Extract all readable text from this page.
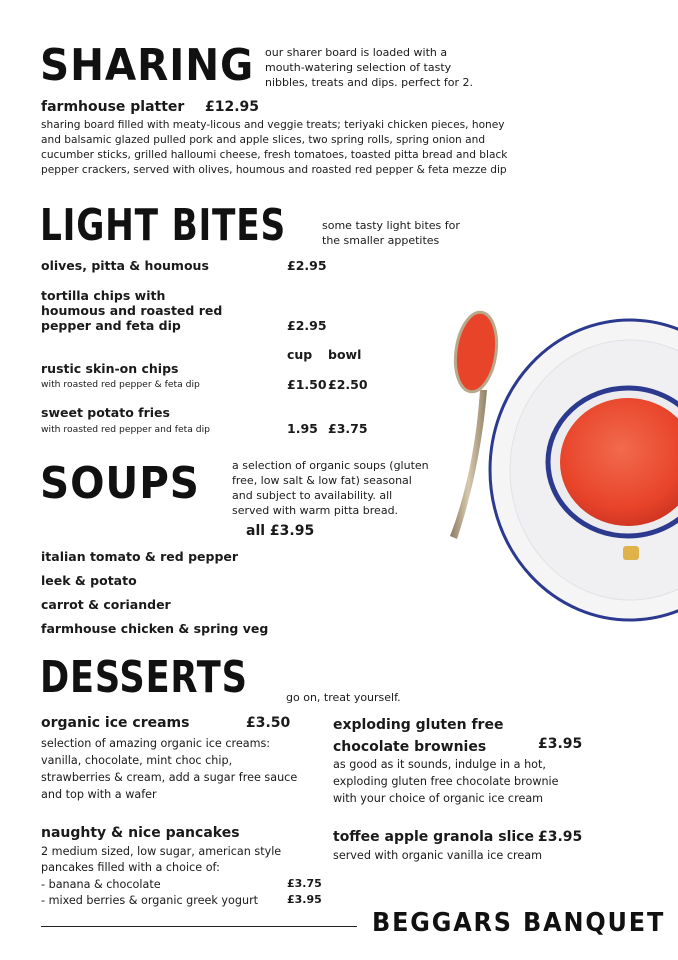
SHARING our sharer board is loaded with a
mouth-watering selection of tasty
nibbles, treats and dips. perfect for 2.
farmhouse platter £12.95
sharing board filled with meaty-licous and veggie treats; teriyaki chicken pieces, honey
and balsamic glazed pulled pork and apple slices, two spring rolls, spring onion and
cucumber sticks, grilled halloumi cheese, fresh tomatoes, toasted pitta bread and black
pepper crackers, served with olives, houmous and roasted red pepper & feta mezze dip
LIGHT BITES	some tasty light bites for
the smaller appetites
olives, pitta & houmous	£2.95
tortilla chips with
houmous and roasted red
pepper and feta dip	£2.95
cup bowl
rustic skin-on chips
with roasted red pepper & feta dip	£1.50 £2.50
sweet potato fries
with roasted red pepper and feta dip	1.95 £3.75
SOUPS	a selection of organic soups (gluten
free, low salt & low fat) seasonal
and subject to availability. all
served with warm pitta bread.
all £3.95
italian tomato & red pepper
leek & potato
carrot & coriander
farmhouse chicken & spring veg
DESSERTS	go on, treat yourself.
organic ice creams	£3.50
selection of amazing organic ice creams:
vanilla, chocolate, mint choc chip,
strawberries & cream, add a sugar free sauce
and top with a wafer
exploding gluten free
chocolate brownies	£3.95
as good as it sounds, indulge in a hot,
exploding gluten free chocolate brownie
with your choice of organic ice cream
naughty & nice pancakes
2 medium sized, low sugar, american style
pancakes filled with a choice of:
- banana & chocolate	£3.75
- mixed berries & organic greek yogurt	£3.95
toffee apple granola slice £3.95
served with organic vanilla ice cream
BEGGARS BANQUET
